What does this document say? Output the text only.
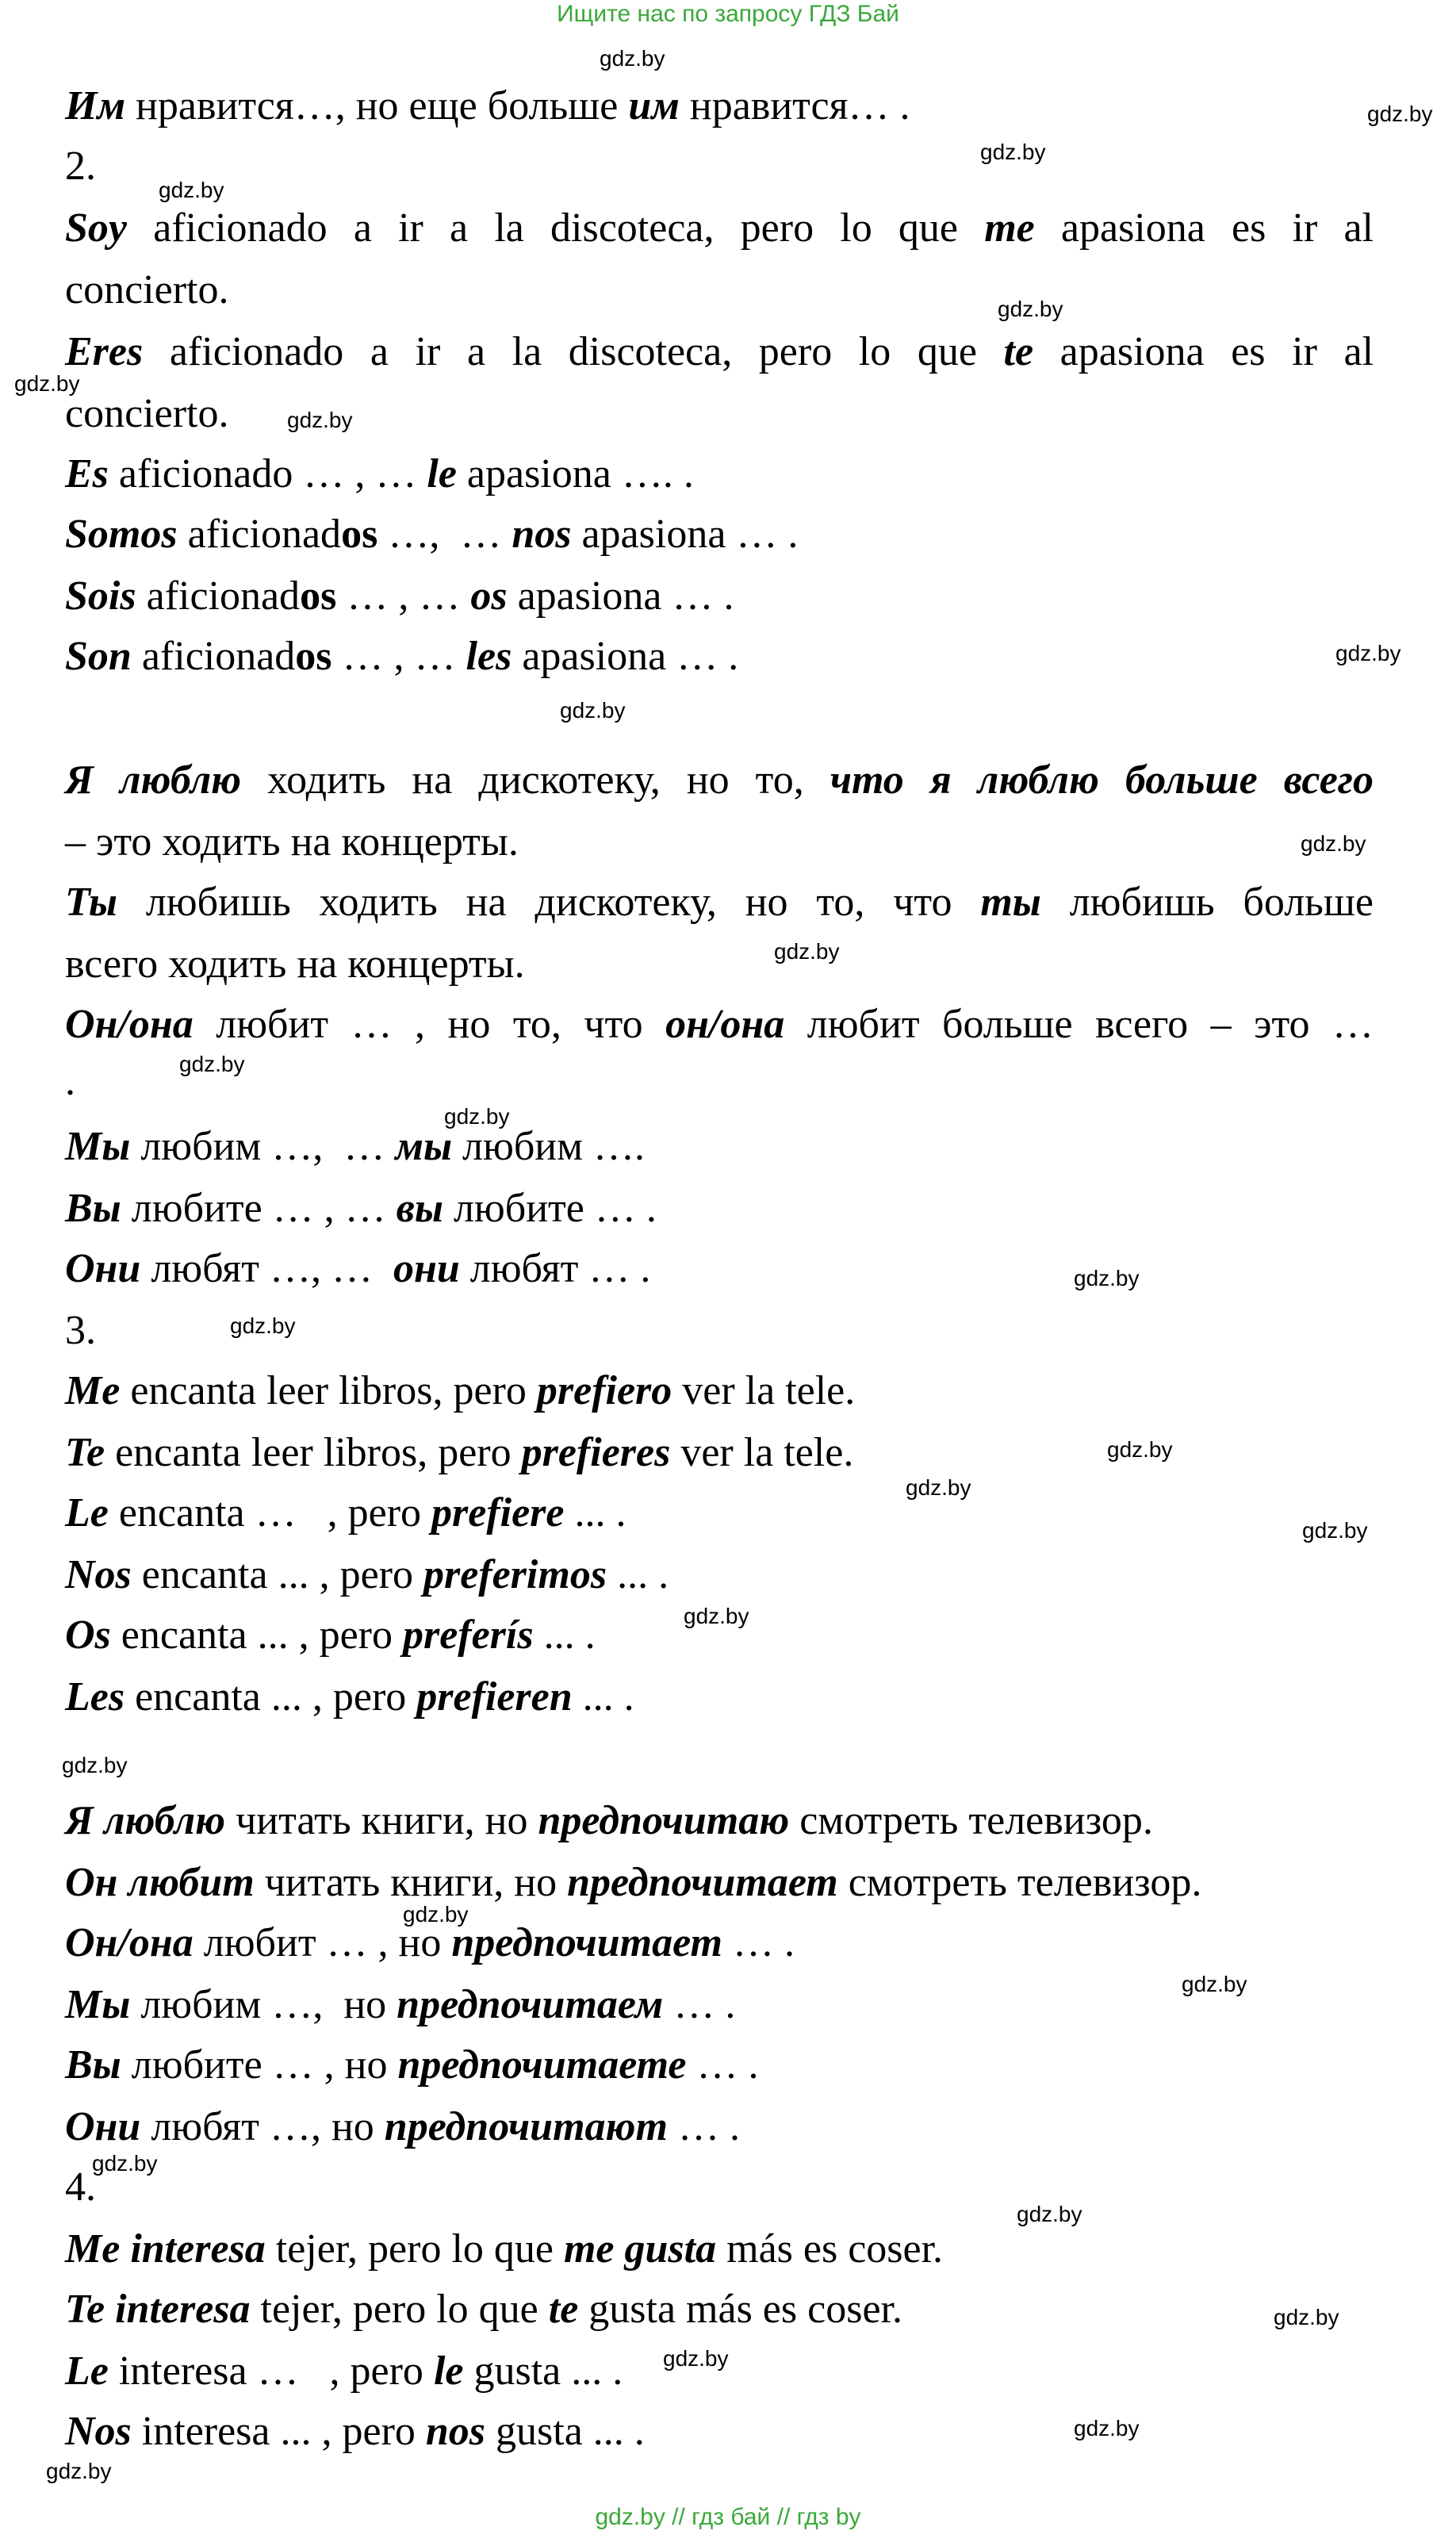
Ищите нас по запросу ГДЗ Бай
Им нравится…, но еще больше им нравится… .
2.
Soy aficionado a ir a la discoteca, pero lo que me apasiona es ir al
concierto.
Eres aficionado a ir a la discoteca, pero lo que te apasiona es ir al
concierto.
Es aficionado … , … le apasiona …. .
Somos aficionados …,  … nos apasiona … .
Sois aficionados … , … os apasiona … .
Son aficionados … , … les apasiona … .
Я люблю ходить на дискотеку, но то, что я люблю больше всего
– это ходить на концерты.
Ты любишь ходить на дискотеку, но то, что ты любишь больше
всего ходить на концерты.
Он/она любит … , но то, что он/она любит больше всего – это …
.
Мы любим …,  … мы любим ….
Вы любите … , … вы любите … .
Они любят …, …  они любят … .
3.
Me encanta leer libros, pero prefiero ver la tele.
Te encanta leer libros, pero prefieres ver la tele.
Le encanta …   , pero prefiere ... .
Nos encanta ... , pero preferimos ... .
Os encanta ... , pero preferís ... .
Les encanta ... , pero prefieren ... .
Я люблю читать книги, но предпочитаю смотреть телевизор.
Он любит читать книги, но предпочитает смотреть телевизор.
Он/она любит … , но предпочитает … .
Мы любим …,  но предпочитаем … .
Вы любите … , но предпочитаете … .
Они любят …, но предпочитают … .
4.
Me interesa tejer, pero lo que me gusta más es coser.
Te interesa tejer, pero lo que te gusta más es coser.
Le interesa …   , pero le gusta ... .
Nos interesa ... , pero nos gusta ... .
gdz.by
gdz.by
gdz.by
gdz.by
gdz.by
gdz.by
gdz.by
gdz.by
gdz.by
gdz.by
gdz.by
gdz.by
gdz.by
gdz.by
gdz.by
gdz.by
gdz.by
gdz.by
gdz.by
gdz.by
gdz.by
gdz.by
gdz.by
gdz.by
gdz.by
gdz.by
gdz.by
gdz.by
gdz.by // гдз бай // гдз by
